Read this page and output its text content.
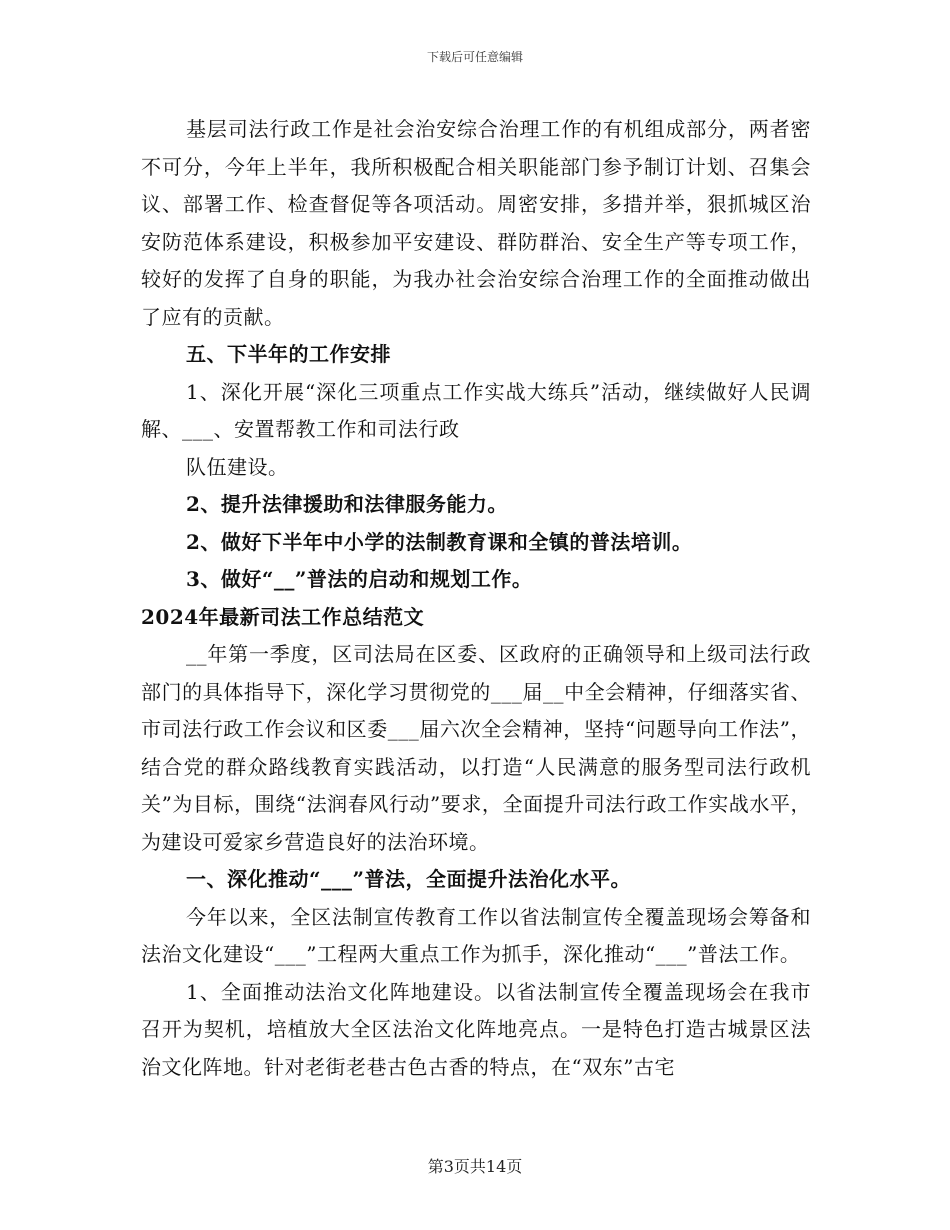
下载后可任意编辑

基层司法行政工作是社会治安综合治理工作的有机组成部分，两者密不可分，今年上半年，我所积极配合相关职能部门参予制订计划、召集会议、部署工作、检查督促等各项活动。周密安排，多措并举，狠抓城区治安防范体系建设，积极参加平安建设、群防群治、安全生产等专项工作，较好的发挥了自身的职能，为我办社会治安综合治理工作的全面推动做出了应有的贡献。

五、下半年的工作安排

1、深化开展“深化三项重点工作实战大练兵”活动，继续做好人民调解、___、安置帮教工作和司法行政

队伍建设。

2、提升法律援助和法律服务能力。

2、做好下半年中小学的法制教育课和全镇的普法培训。

3、做好“__”普法的启动和规划工作。

2024年最新司法工作总结范文

__年第一季度，区司法局在区委、区政府的正确领导和上级司法行政部门的具体指导下，深化学习贯彻党的___届__中全会精神，仔细落实省、市司法行政工作会议和区委___届六次全会精神，坚持“问题导向工作法”，结合党的群众路线教育实践活动，以打造“人民满意的服务型司法行政机关”为目标，围绕“法润春风行动”要求，全面提升司法行政工作实战水平，为建设可爱家乡营造良好的法治环境。

一、深化推动“___”普法，全面提升法治化水平。

今年以来，全区法制宣传教育工作以省法制宣传全覆盖现场会筹备和法治文化建设“___”工程两大重点工作为抓手，深化推动“___”普法工作。

1、全面推动法治文化阵地建设。以省法制宣传全覆盖现场会在我市召开为契机，培植放大全区法治文化阵地亮点。一是特色打造古城景区法治文化阵地。针对老街老巷古色古香的特点，在“双东”古宅

第3页共14页
